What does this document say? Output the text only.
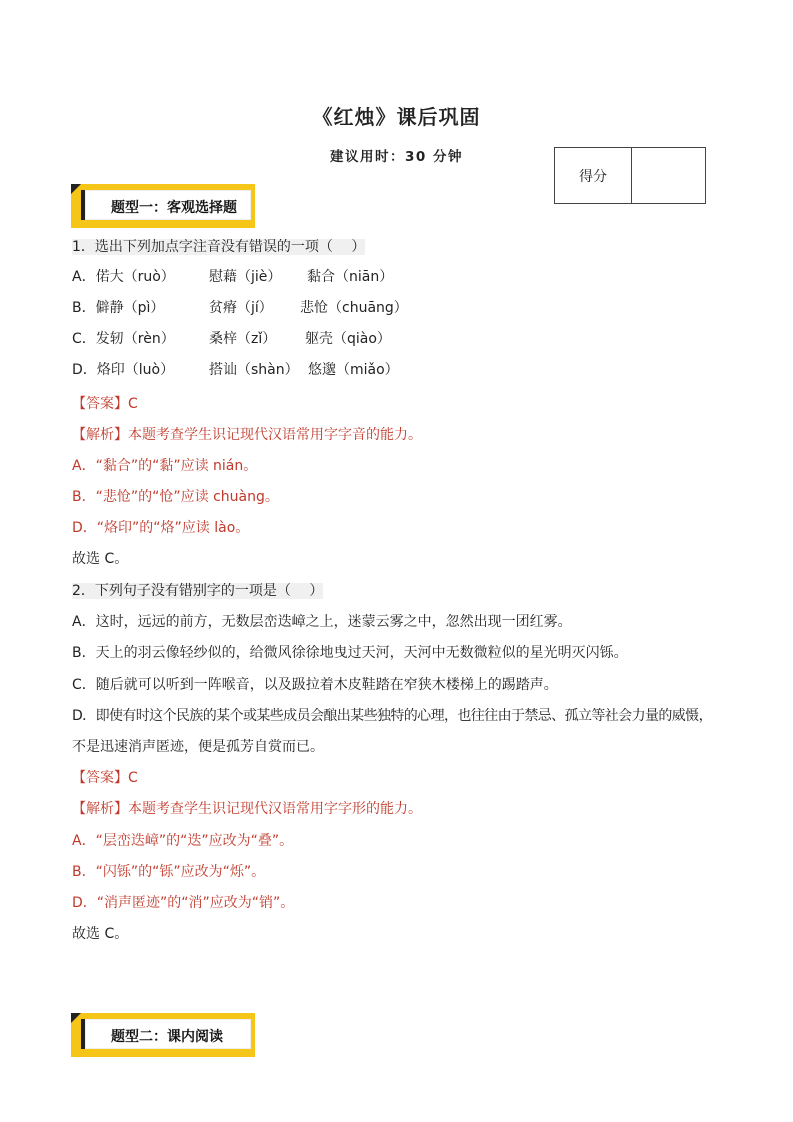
《红烛》课后巩固
建议用时：30 分钟
得分
题型一：客观选择题
1．选出下列加点字注音没有错误的一项（　 ）
A．偌大（ruò） 慰藉（jiè） 黏合（niān）
B．僻静（pì）	贫瘠（jí） 悲怆（chuāng）
C．发轫（rèn） 桑梓（zǐ） 躯壳（qiào）
D．烙印（luò） 搭讪（shàn） 悠邈（miǎo）
【答案】C
【解析】本题考查学生识记现代汉语常用字字音的能力。
A．“黏合”的“黏”应读 nián。
B．“悲怆”的“怆”应读 chuàng。
D．“烙印”的“烙”应读 lào。
故选 C。
2．下列句子没有错别字的一项是（　 ）
A．这时，远远的前方，无数层峦迭嶂之上，迷蒙云雾之中，忽然出现一团红雾。
B．天上的羽云像轻纱似的，给微风徐徐地曳过天河，天河中无数微粒似的星光明灭闪铄。
C．随后就可以听到一阵喉音，以及趿拉着木皮鞋踏在窄狭木楼梯上的踢踏声。
D．即使有时这个民族的某个或某些成员会酿出某些独特的心理，也往往由于禁忌、孤立等社会力量的威慑，
不是迅速消声匿迹，便是孤芳自赏而已。
【答案】C
【解析】本题考查学生识记现代汉语常用字字形的能力。
A．“层峦迭嶂”的“迭”应改为“叠”。
B．“闪铄”的“铄”应改为“烁”。
D．“消声匿迹”的“消”应改为“销”。
故选 C。
题型二：课内阅读
